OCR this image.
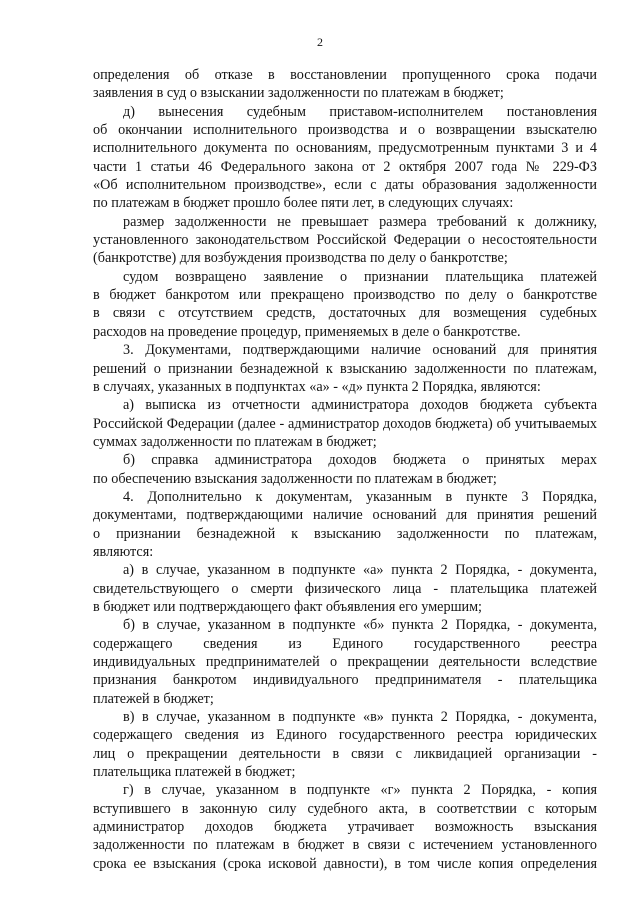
2

определения об отказе в восстановлении пропущенного срока подачи
заявления в суд о взыскании задолженности по платежам в бюджет;

д) вынесения судебным приставом-исполнителем постановления
об окончании исполнительного производства и о возвращении взыскателю
исполнительного документа по основаниям, предусмотренным пунктами 3 и 4
части 1 статьи 46 Федерального закона от 2 октября 2007 года № 229-ФЗ
«Об исполнительном производстве», если с даты образования задолженности
по платежам в бюджет прошло более пяти лет, в следующих случаях:

размер задолженности не превышает размера требований к должнику,
установленного законодательством Российской Федерации о несостоятельности
(банкротстве) для возбуждения производства по делу о банкротстве;

судом возвращено заявление о признании плательщика платежей
в бюджет банкротом или прекращено производство по делу о банкротстве
в связи с отсутствием средств, достаточных для возмещения судебных
расходов на проведение процедур, применяемых в деле о банкротстве.

3. Документами, подтверждающими наличие оснований для принятия
решений о признании безнадежной к взысканию задолженности по платежам,
в случаях, указанных в подпунктах «а» - «д» пункта 2 Порядка, являются:

а) выписка из отчетности администратора доходов бюджета субъекта
Российской Федерации (далее - администратор доходов бюджета) об учитываемых
суммах задолженности по платежам в бюджет;

б) справка администратора доходов бюджета о принятых мерах
по обеспечению взыскания задолженности по платежам в бюджет;

4. Дополнительно к документам, указанным в пункте 3 Порядка,
документами, подтверждающими наличие оснований для принятия решений
о признании безнадежной к взысканию задолженности по платежам,
являются:

а) в случае, указанном в подпункте «а» пункта 2 Порядка, - документа,
свидетельствующего о смерти физического лица - плательщика платежей
в бюджет или подтверждающего факт объявления его умершим;

б) в случае, указанном в подпункте «б» пункта 2 Порядка, - документа,
содержащего сведения из Единого государственного реестра
индивидуальных предпринимателей о прекращении деятельности вследствие
признания банкротом индивидуального предпринимателя - плательщика
платежей в бюджет;

в) в случае, указанном в подпункте «в» пункта 2 Порядка, - документа,
содержащего сведения из Единого государственного реестра юридических
лиц о прекращении деятельности в связи с ликвидацией организации -
плательщика платежей в бюджет;

г) в случае, указанном в подпункте «г» пункта 2 Порядка, - копия
вступившего в законную силу судебного акта, в соответствии с которым
администратор доходов бюджета утрачивает возможность взыскания
задолженности по платежам в бюджет в связи с истечением установленного
срока ее взыскания (срока исковой давности), в том числе копия определения
